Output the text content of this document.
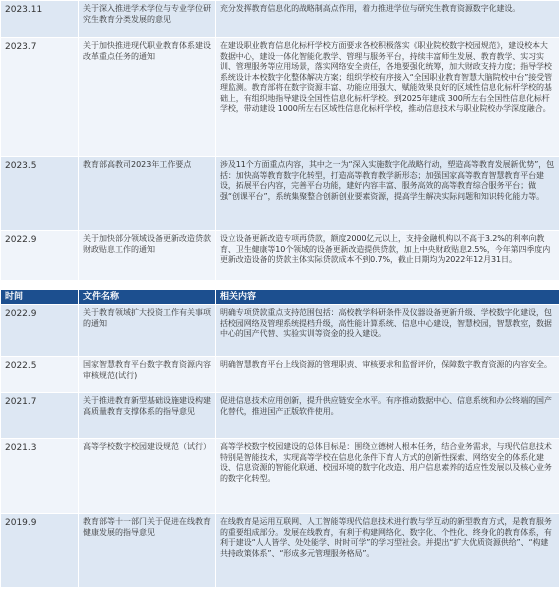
2023.11	关于深入推进学术学位与专业学位研究生教育分类发展的意见	充分发挥教育信息化的战略制高点作用，着力推进学位与研究生教育资源数字化建设。
2023.7	关于加快推进现代职业教育体系建设改革重点任务的通知	在建设职业教育信息化标杆学校方面要求各校积极落实《职业院校数字校园规范》，建设校本大数据中心，建设一体化智能化教学、管理与服务平台，持续丰富师生发展、教育教学、实习实训、管理服务等应用场景，落实网络安全责任，各地要强化统筹，加大财政支持力度；指导学校系统设计本校数字化整体解决方案；组织学校有序接入“全国职业教育智慧大脑院校中台”接受管理监测。教育部将在数字资源丰富、功能应用强大、赋能效果良好的区域性信息化标杆学校的基础上，有组织地指导建设全国性信息化标杆学校。到2025年建成 300所左右全国性信息化标杆学校，带动建设 1000所左右区域性信息化标杆学校，推动信息技术与职业院校办学深度融合。
2023.5	教育部高教司2023年工作要点	涉及11个方面重点内容，其中之一为“深入实施数字化战略行动，塑造高等教育发展新优势”，包括：加快高等教育数字化转型，打造高等教育教学新形态；加强国家高等教育智慧教育平台建设，拓展平台内容，完善平台功能，建好内容丰富、服务高效的高等教育综合服务平台；做强“创课平台”，系统集聚整合创新创业要素资源，提高学生解决实际问题和知识转化能力等。
2022.9	关于加快部分领域设备更新改造贷款财政贴息工作的通知	设立设备更新改造专项再贷款，额度2000亿元以上，支持金融机构以不高于3.2%的利率向教育、卫生健康等10个领域的设备更新改造提供贷款，加上中央财政贴息2.5%，今年第四季度内更新改造设备的贷款主体实际贷款成本不到0.7%，截止日期均为2022年12月31日。
时间	文件名称	相关内容
2022.9	关于教育领域扩大投资工作有关事项的通知	明确专项贷款重点支持范围包括：高校教学科研条件及仪器设备更新升级、学校数字化建设，包括校园网络及管理系统提档升级，高性能计算系统、信息中心建设，智慧校园，智慧教室，数据中心的国产代替、实验实训等资金的投入建设。
2022.5	国家智慧教育平台数字教育资源内容审核规范(试行)	明确智慧教育平台上线资源的管理职责、审核要求和监督评价，保障数字教育资源的内容安全。
2021.7	关于推进教育新型基础设施建设构建高质量教育支撑体系的指导意见	促进信息技术应用创新，提升供应链安全水平。有序推动数据中心、信息系统和办公终端的国产化替代，推进国产正版软件使用。
2021.3	高等学校数字校园建设规范（试行）	高等学校数字校园建设的总体目标是：围绕立德树人根本任务，结合业务需求，与现代信息技术特别是智能技术，实现高等学校在信息化条件下育人方式的创新性探索、网络安全的体系化建设、信息资源的智能化联通、校园环境的数字化改造、用户信息素养的适应性发展以及核心业务的数字化转型。
2019.9	教育部等十一部门关于促进在线教育健康发展的指导意见	在线教育是运用互联网、人工智能等现代信息技术进行教与学互动的新型教育方式，是教育服务的重要组成部分。发展在线教育，有利于构建网络化、数字化、个性化、终身化的教育体系，有利于建设“人人皆学、处处能学、时时可学”的学习型社会。并提出“扩大优质资源供给”、“构建共持政策体系”、“形成多元管理服务格局”。
